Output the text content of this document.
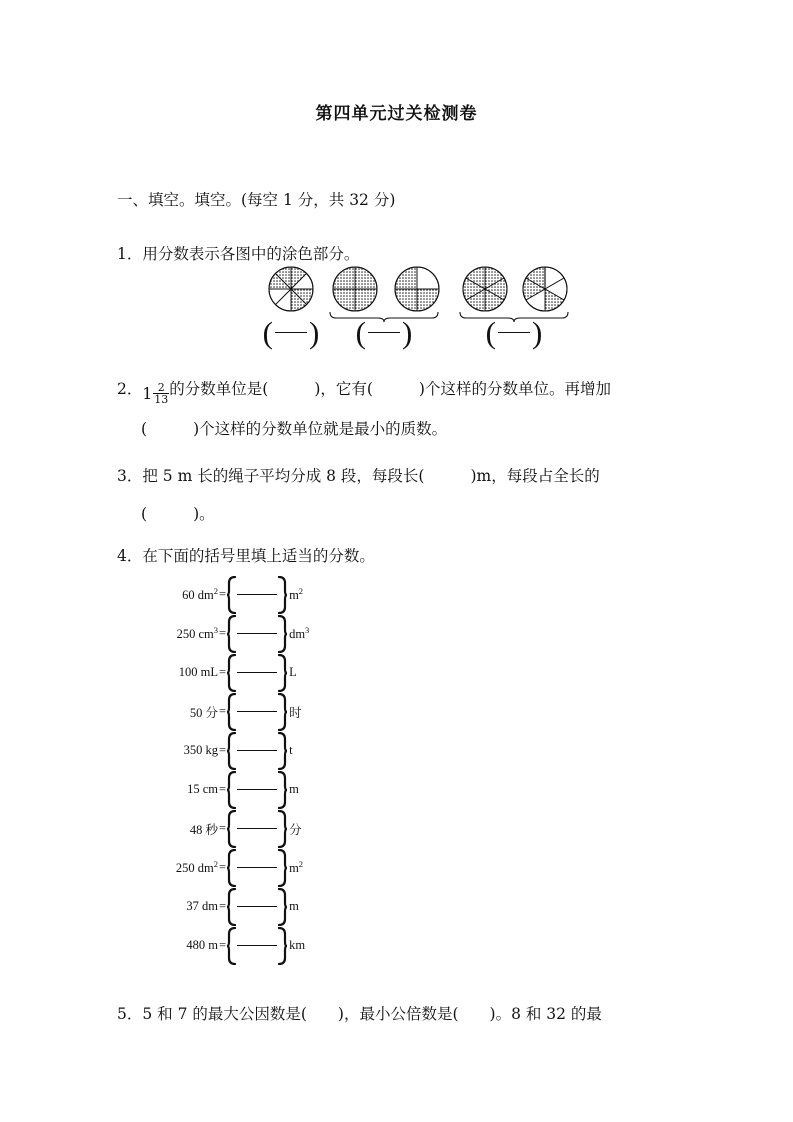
第四单元过关检测卷
一、填空。填空。(每空 1 分，共 32 分)
1．用分数表示各图中的涂色部分。
( ) ( ) ( )
2． $1 \frac{2}{13}$ 的分数单位是(	)，它有(	)个这样的分数单位。再增加
(	)个这样的分数单位就是最小的质数。
3．把 5 m 长的绳子平均分成 8 段，每段长(	)m，每段占全长的
(	)。
4．在下面的括号里填上适当的分数。
60 $dm^2$ =	$m^2$
250 $cm^3$ =	$dm^3$
100 mL =	L
50 分 =	时
350 kg =	t
15 cm =	m
48 秒 =	分
250 $dm^2$ =	$m^2$
37 dm =	m
480 m =	km
5．5 和 7 的最大公因数是(　　)，最小公倍数是(　　)。8 和 32 的最
